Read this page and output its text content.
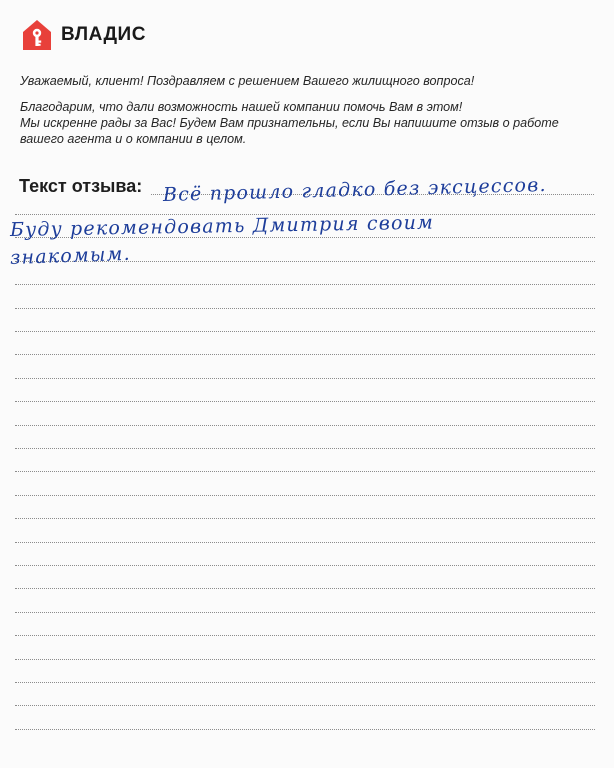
ВЛАДИС

Уважаемый, клиент! Поздравляем с решением Вашего жилищного вопроса!

Благодарим, что дали возможность нашей компании помочь Вам в этом!

Мы искренне рады за Вас! Будем Вам признательны, если Вы напишите отзыв о работе

вашего агента и о компании в целом.

Текст отзыва: Всё прошло гладко без эксцессов.
Буду рекомендовать Дмитрия своим
знакомым.
